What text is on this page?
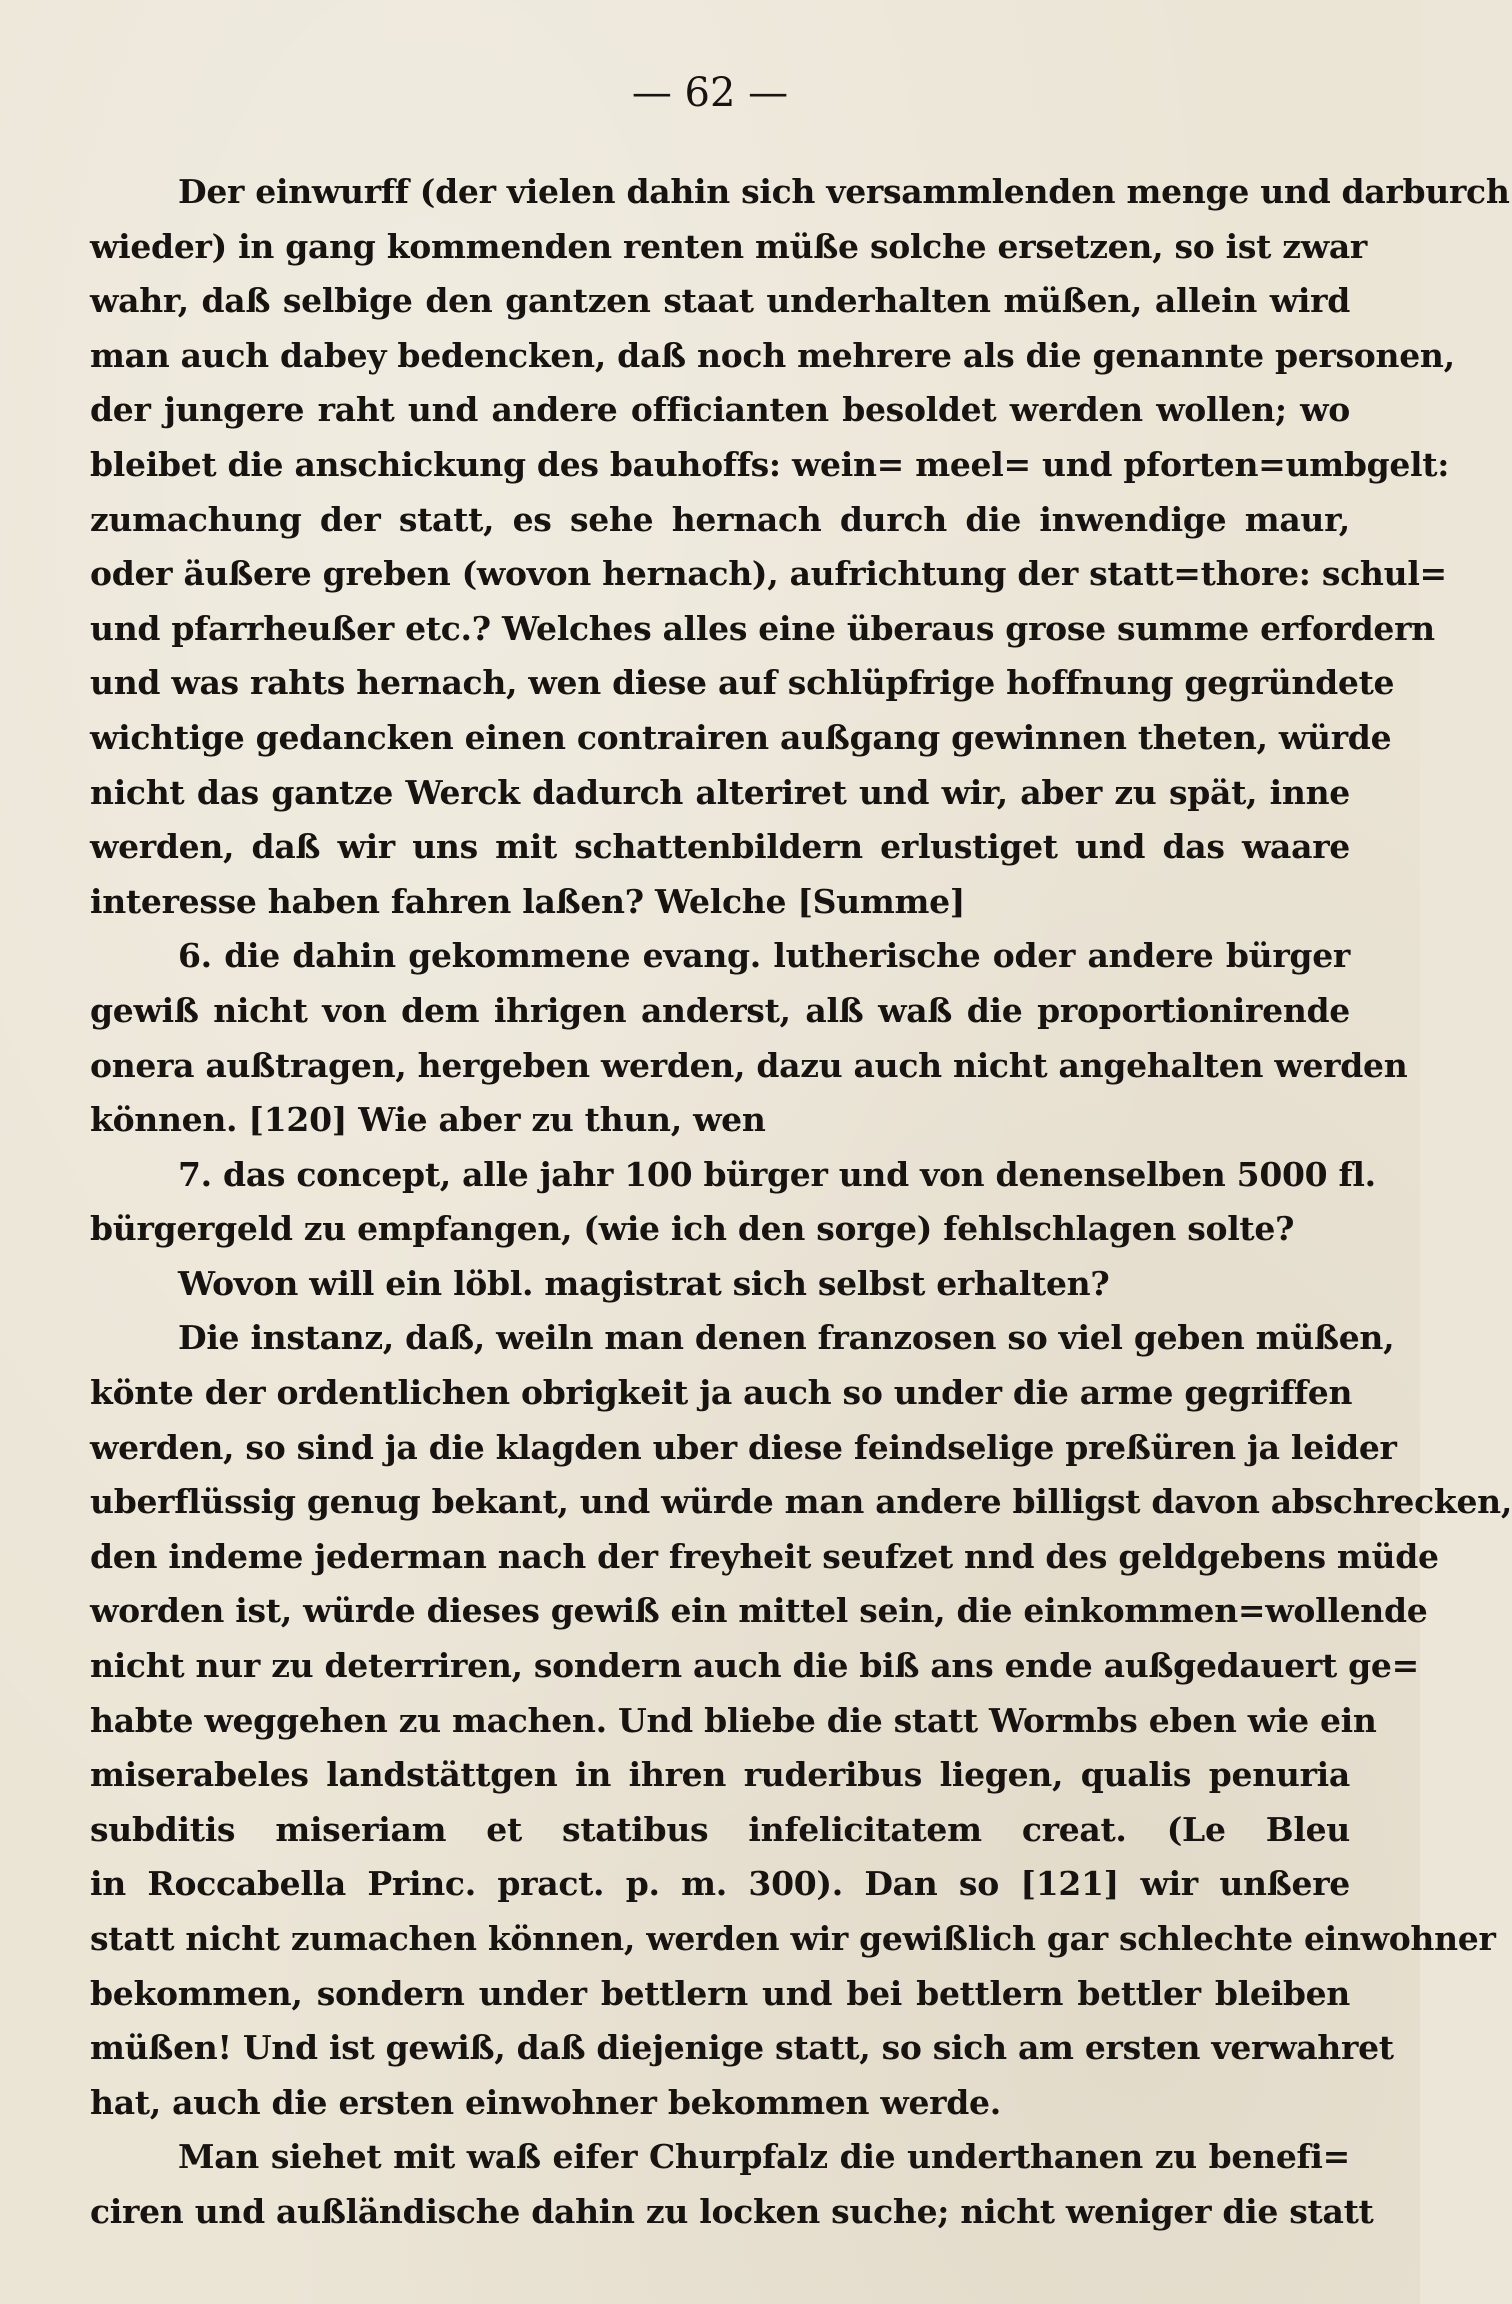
— 62 —
Der einwurff (der vielen dahin sich versammlenden menge und darburch
wieder) in gang kommenden renten müße solche ersetzen, so ist zwar
wahr, daß selbige den gantzen staat underhalten müßen, allein wird
man auch dabey bedencken, daß noch mehrere als die genannte personen,
der jungere raht und andere officianten besoldet werden wollen; wo
bleibet die anschickung des bauhoffs: wein= meel= und pforten=umbgelt:
zumachung der statt, es sehe hernach durch die inwendige maur,
oder äußere greben (wovon hernach), aufrichtung der statt=thore: schul=
und pfarrheußer etc.? Welches alles eine überaus grose summe erfordern
und was rahts hernach, wen diese auf schlüpfrige hoffnung gegründete
wichtige gedancken einen contrairen außgang gewinnen theten, würde
nicht das gantze Werck dadurch alteriret und wir, aber zu spät, inne
werden, daß wir uns mit schattenbildern erlustiget und das waare
interesse haben fahren laßen? Welche [Summe]
6. die dahin gekommene evang. lutherische oder andere bürger
gewiß nicht von dem ihrigen anderst, alß waß die proportionirende
onera außtragen, hergeben werden, dazu auch nicht angehalten werden
können. [120] Wie aber zu thun, wen
7. das concept, alle jahr 100 bürger und von denenselben 5000 fl.
bürgergeld zu empfangen, (wie ich den sorge) fehlschlagen solte?
Wovon will ein löbl. magistrat sich selbst erhalten?
Die instanz, daß, weiln man denen franzosen so viel geben müßen,
könte der ordentlichen obrigkeit ja auch so under die arme gegriffen
werden, so sind ja die klagden uber diese feindselige preßüren ja leider
uberflüssig genug bekant, und würde man andere billigst davon abschrecken,
den indeme jederman nach der freyheit seufzet nnd des geldgebens müde
worden ist, würde dieses gewiß ein mittel sein, die einkommen=wollende
nicht nur zu deterriren, sondern auch die biß ans ende außgedauert ge=
habte weggehen zu machen. Und bliebe die statt Wormbs eben wie ein
miserabeles landstättgen in ihren ruderibus liegen, qualis penuria
subditis miseriam et statibus infelicitatem creat. (Le Bleu
in Roccabella Princ. pract. p. m. 300). Dan so [121] wir unßere
statt nicht zumachen können, werden wir gewißlich gar schlechte einwohner
bekommen, sondern under bettlern und bei bettlern bettler bleiben
müßen! Und ist gewiß, daß diejenige statt, so sich am ersten verwahret
hat, auch die ersten einwohner bekommen werde.
Man siehet mit waß eifer Churpfalz die underthanen zu benefi=
ciren und außländische dahin zu locken suche; nicht weniger die statt
